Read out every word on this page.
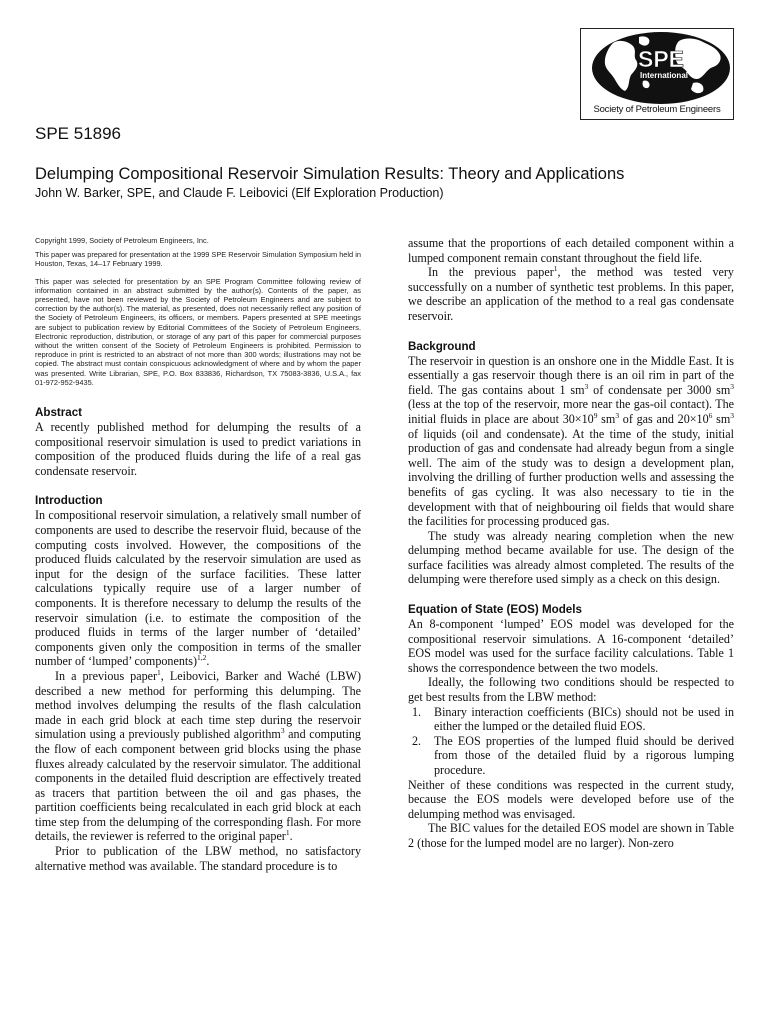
SPE
International
Society of Petroleum Engineers
SPE 51896
Delumping Compositional Reservoir Simulation Results: Theory and Applications
John W. Barker, SPE, and Claude F. Leibovici (Elf Exploration Production)
Copyright 1999, Society of Petroleum Engineers, Inc.
This paper was prepared for presentation at the 1999 SPE Reservoir Simulation Symposium held in Houston, Texas, 14–17 February 1999.
This paper was selected for presentation by an SPE Program Committee following review of information contained in an abstract submitted by the author(s). Contents of the paper, as presented, have not been reviewed by the Society of Petroleum Engineers and are subject to correction by the author(s). The material, as presented, does not necessarily reflect any position of the Society of Petroleum Engineers, its officers, or members. Papers presented at SPE meetings are subject to publication review by Editorial Committees of the Society of Petroleum Engineers. Electronic reproduction, distribution, or storage of any part of this paper for commercial purposes without the written consent of the Society of Petroleum Engineers is prohibited. Permission to reproduce in print is restricted to an abstract of not more than 300 words; illustrations may not be copied. The abstract must contain conspicuous acknowledgment of where and by whom the paper was presented. Write Librarian, SPE, P.O. Box 833836, Richardson, TX 75083-3836, U.S.A., fax 01-972-952-9435.
Abstract

A recently published method for delumping the results of a compositional reservoir simulation is used to predict variations in composition of the produced fluids during the life of a real gas condensate reservoir.

Introduction

In compositional reservoir simulation, a relatively small number of components are used to describe the reservoir fluid, because of the computing costs involved. However, the compositions of the produced fluids calculated by the reservoir simulation are used as input for the design of the surface facilities. These latter calculations typically require use of a larger number of components. It is therefore necessary to delump the results of the reservoir simulation (i.e. to estimate the composition of the produced fluids in terms of the larger number of ‘detailed’ components given only the composition in terms of the smaller number of ‘lumped’ components)$^{1,2}$.

In a previous paper$^1$, Leibovici, Barker and Waché (LBW) described a new method for performing this delumping. The method involves delumping the results of the flash calculation made in each grid block at each time step during the reservoir simulation using a previously published algorithm$^3$ and computing the flow of each component between grid blocks using the phase fluxes already calculated by the reservoir simulator. The additional components in the detailed fluid description are effectively treated as tracers that partition between the oil and gas phases, the partition coefficients being recalculated in each grid block at each time step from the delumping of the corresponding flash. For more details, the reviewer is referred to the original paper$^1$.

Prior to publication of the LBW method, no satisfactory alternative method was available. The standard procedure is to

assume that the proportions of each detailed component within a lumped component remain constant throughout the field life.

In the previous paper$^1$, the method was tested very successfully on a number of synthetic test problems. In this paper, we describe an application of the method to a real gas condensate reservoir.

Background

The reservoir in question is an onshore one in the Middle East. It is essentially a gas reservoir though there is an oil rim in part of the field. The gas contains about 1 $sm^3$ of condensate per 3000 $sm^3$ (less at the top of the reservoir, more near the gas-oil contact). The initial fluids in place are about $30\times 10^9$ $sm^3$ of gas and $20\times 10^6$ $sm^3$ of liquids (oil and condensate). At the time of the study, initial production of gas and condensate had already begun from a single well. The aim of the study was to design a development plan, involving the drilling of further production wells and assessing the benefits of gas cycling. It was also necessary to tie in the development with that of neighbouring oil fields that would share the facilities for processing produced gas.

The study was already nearing completion when the new delumping method became available for use. The design of the surface facilities was already almost completed. The results of the delumping were therefore used simply as a check on this design.

Equation of State (EOS) Models

An 8-component ‘lumped’ EOS model was developed for the compositional reservoir simulations. A 16-component ‘detailed’ EOS model was used for the surface facility calculations. Table 1 shows the correspondence between the two models.

Ideally, the following two conditions should be respected to get best results from the LBW method:

1. Binary interaction coefficients (BICs) should not be used in either the lumped or the detailed fluid EOS.
2. The EOS properties of the lumped fluid should be derived from those of the detailed fluid by a rigorous lumping procedure.

Neither of these conditions was respected in the current study, because the EOS models were developed before use of the delumping method was envisaged.

The BIC values for the detailed EOS model are shown in Table 2 (those for the lumped model are no larger). Non-zero
